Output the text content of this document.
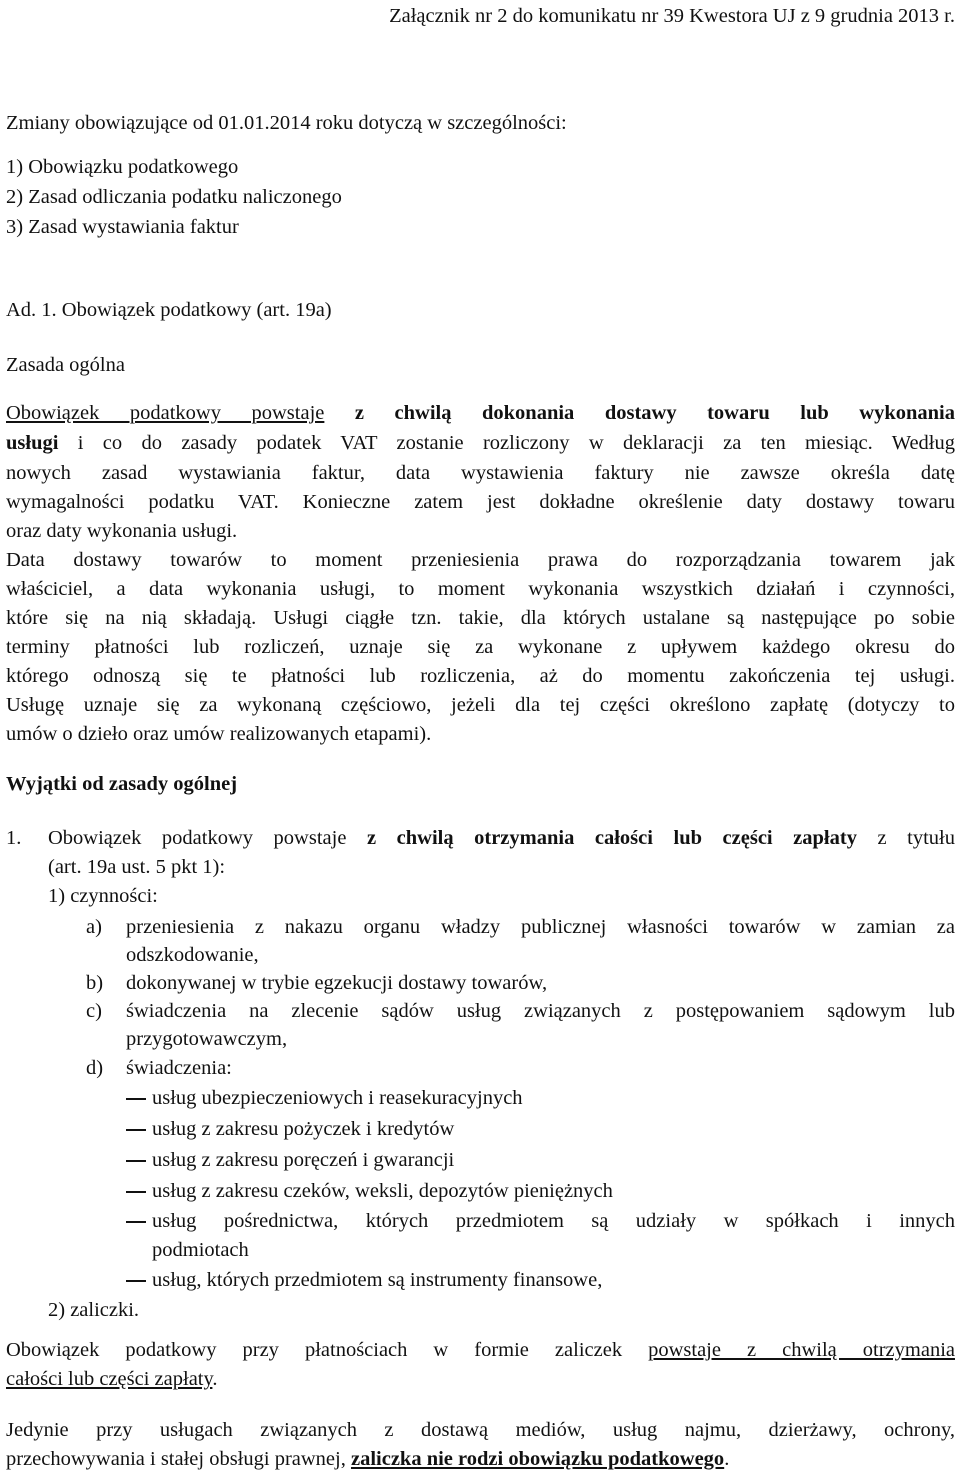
Załącznik nr 2 do komunikatu nr 39 Kwestora UJ z 9 grudnia 2013 r.
Zmiany obowiązujące od 01.01.2014 roku dotyczą w szczególności:
1) Obowiązku podatkowego
2) Zasad odliczania podatku naliczonego
3) Zasad wystawiania faktur
Ad. 1. Obowiązek podatkowy (art. 19a)
Zasada ogólna
Obowiązek podatkowy powstaje z chwilą dokonania dostawy towaru lub wykonania
usługi i co do zasady podatek VAT zostanie rozliczony w deklaracji za ten miesiąc. Według
nowych zasad wystawiania faktur, data wystawienia faktury nie zawsze określa datę
wymagalności podatku VAT. Konieczne zatem jest dokładne określenie daty dostawy towaru
oraz daty wykonania usługi.
Data dostawy towarów to moment przeniesienia prawa do rozporządzania towarem jak
właściciel, a data wykonania usługi, to moment wykonania wszystkich działań i czynności,
które się na nią składają. Usługi ciągłe tzn. takie, dla których ustalane są następujące po sobie
terminy płatności lub rozliczeń, uznaje się za wykonane z upływem każdego okresu do
którego odnoszą się te płatności lub rozliczenia, aż do momentu zakończenia tej usługi.
Usługę uznaje się za wykonaną częściowo, jeżeli dla tej części określono zapłatę (dotyczy to
umów o dzieło oraz umów realizowanych etapami).
Wyjątki od zasady ogólnej
1. Obowiązek podatkowy powstaje z chwilą otrzymania całości lub części zapłaty z tytułu
(art. 19a ust. 5 pkt 1):
1) czynności:
a) przeniesienia z nakazu organu władzy publicznej własności towarów w zamian za
odszkodowanie,
b) dokonywanej w trybie egzekucji dostawy towarów,
c) świadczenia na zlecenie sądów usług związanych z postępowaniem sądowym lub
przygotowawczym,
d) świadczenia:
usług ubezpieczeniowych i reasekuracyjnych
usług z zakresu pożyczek i kredytów
usług z zakresu poręczeń i gwarancji
usług z zakresu czeków, weksli, depozytów pieniężnych
usług pośrednictwa, których przedmiotem są udziały w spółkach i innych
podmiotach
usług, których przedmiotem są instrumenty finansowe,
2) zaliczki.
Obowiązek podatkowy przy płatnościach w formie zaliczek powstaje z chwilą otrzymania
całości lub części zapłaty.
Jedynie przy usługach związanych z dostawą mediów, usług najmu, dzierżawy, ochrony,
przechowywania i stałej obsługi prawnej, zaliczka nie rodzi obowiązku podatkowego.
